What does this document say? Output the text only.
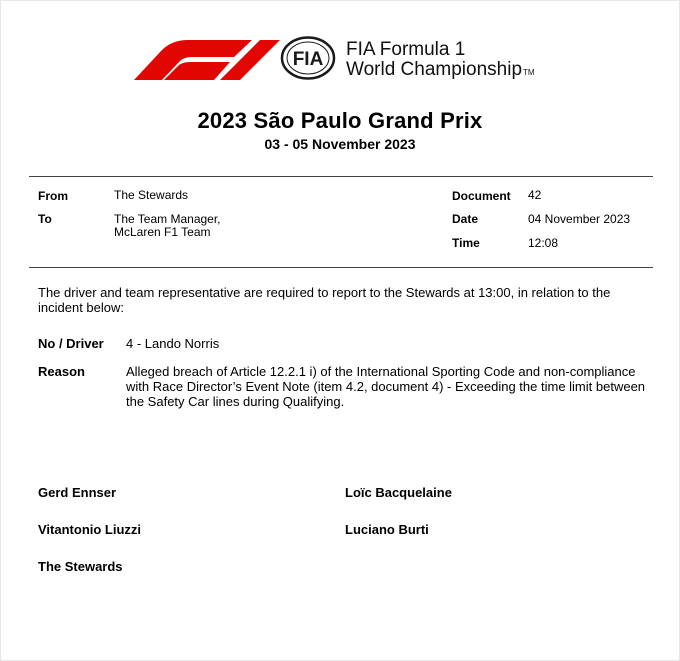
FIA FIA Formula 1
World ChampionshipTM
2023 São Paulo Grand Prix
03 - 05 November 2023
From	The Stewards
To	The Team Manager,
McLaren F1 Team
Document 42
Date	04 November 2023
Time	12:08
The driver and team representative are required to report to the Stewards at 13:00, in relation to the incident below:
No / Driver 4 - Lando Norris
Reason	Alleged breach of Article 12.2.1 i) of the International Sporting Code and non-compliance with Race Director’s Event Note (item 4.2, document 4) - Exceeding the time limit between the Safety Car lines during Qualifying.
Gerd Ennser	Loïc Bacquelaine
Vitantonio Liuzzi	Luciano Burti
The Stewards
